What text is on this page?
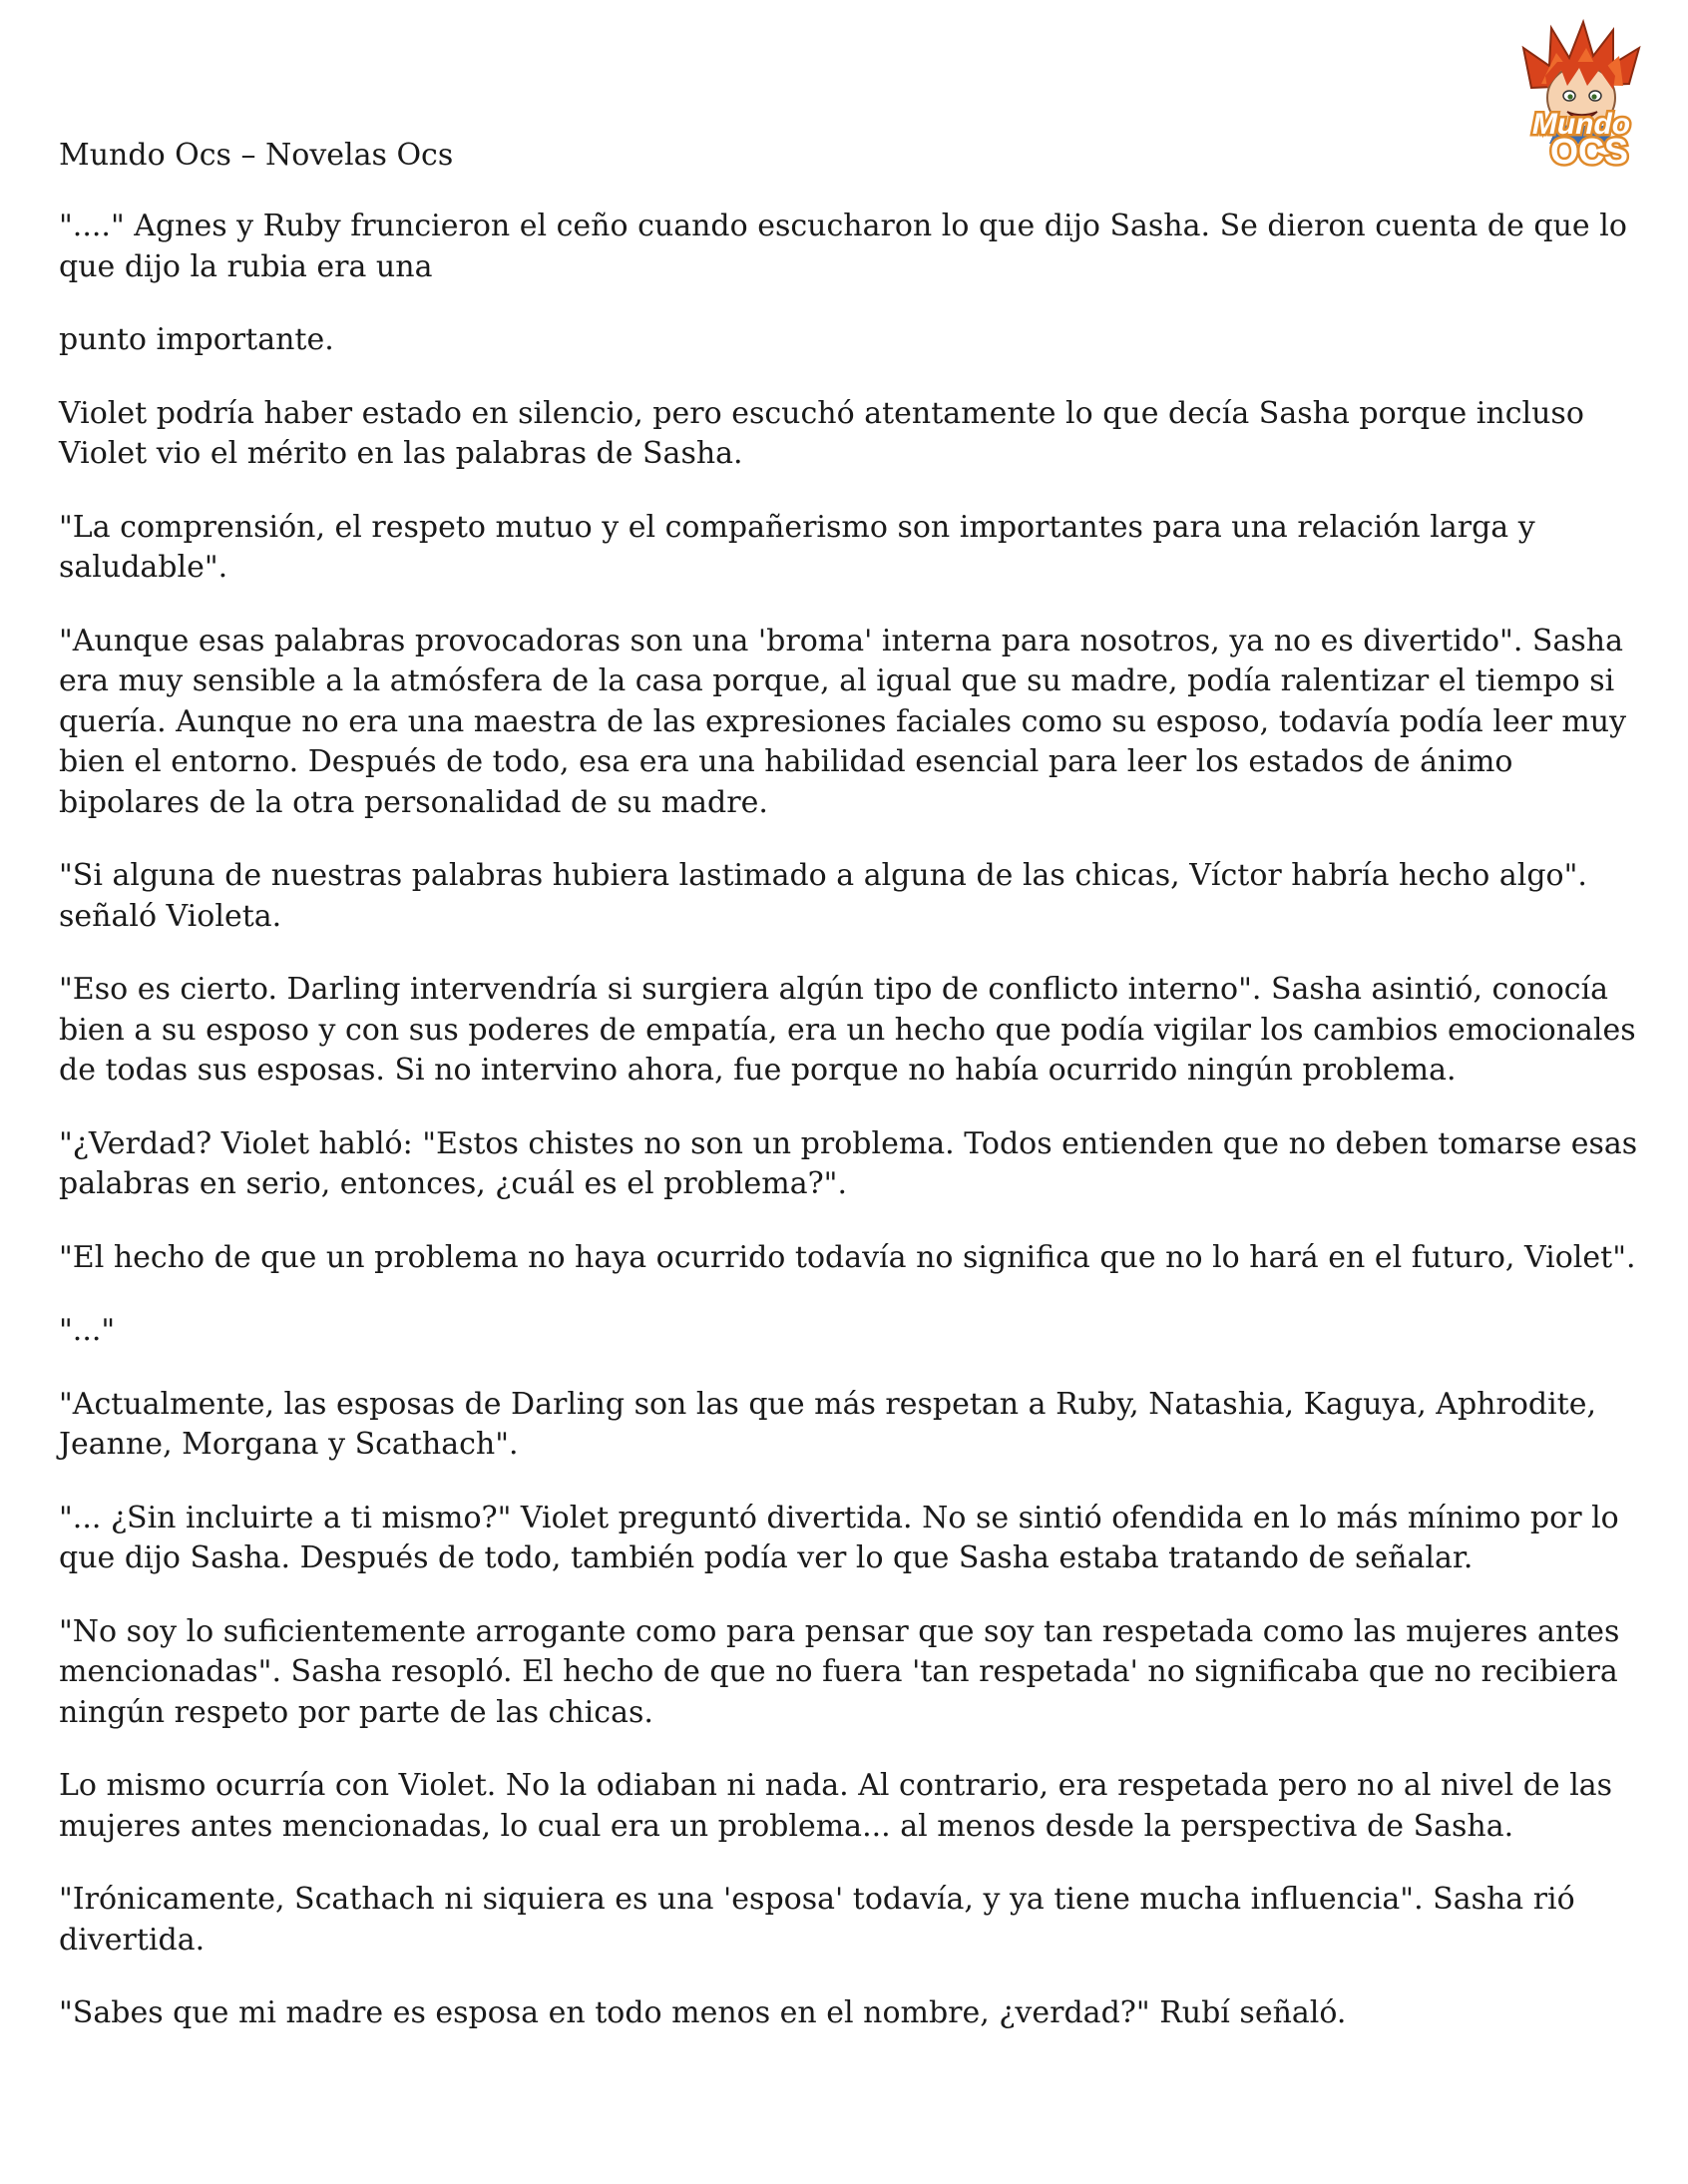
Mundo
OCS
Mundo Ocs – Novelas Ocs

"...." Agnes y Ruby fruncieron el ceño cuando escucharon lo que dijo Sasha. Se dieron cuenta de que lo que dijo la rubia era una

punto importante.

Violet podría haber estado en silencio, pero escuchó atentamente lo que decía Sasha porque incluso Violet vio el mérito en las palabras de Sasha.

"La comprensión, el respeto mutuo y el compañerismo son importantes para una relación larga y saludable".

"Aunque esas palabras provocadoras son una 'broma' interna para nosotros, ya no es divertido". Sasha era muy sensible a la atmósfera de la casa porque, al igual que su madre, podía ralentizar el tiempo si quería. Aunque no era una maestra de las expresiones faciales como su esposo, todavía podía leer muy bien el entorno. Después de todo, esa era una habilidad esencial para leer los estados de ánimo bipolares de la otra personalidad de su madre.

"Si alguna de nuestras palabras hubiera lastimado a alguna de las chicas, Víctor habría hecho algo". señaló Violeta.

"Eso es cierto. Darling intervendría si surgiera algún tipo de conflicto interno". Sasha asintió, conocía bien a su esposo y con sus poderes de empatía, era un hecho que podía vigilar los cambios emocionales de todas sus esposas. Si no intervino ahora, fue porque no había ocurrido ningún problema.

"¿Verdad? Violet habló: "Estos chistes no son un problema. Todos entienden que no deben tomarse esas palabras en serio, entonces, ¿cuál es el problema?".

"El hecho de que un problema no haya ocurrido todavía no significa que no lo hará en el futuro, Violet".

"..."

"Actualmente, las esposas de Darling son las que más respetan a Ruby, Natashia, Kaguya, Aphrodite, Jeanne, Morgana y Scathach".

"... ¿Sin incluirte a ti mismo?" Violet preguntó divertida. No se sintió ofendida en lo más mínimo por lo que dijo Sasha. Después de todo, también podía ver lo que Sasha estaba tratando de señalar.

"No soy lo suficientemente arrogante como para pensar que soy tan respetada como las mujeres antes mencionadas". Sasha resopló. El hecho de que no fuera 'tan respetada' no significaba que no recibiera ningún respeto por parte de las chicas.

Lo mismo ocurría con Violet. No la odiaban ni nada. Al contrario, era respetada pero no al nivel de las mujeres antes mencionadas, lo cual era un problema... al menos desde la perspectiva de Sasha.

"Irónicamente, Scathach ni siquiera es una 'esposa' todavía, y ya tiene mucha influencia". Sasha rió divertida.

"Sabes que mi madre es esposa en todo menos en el nombre, ¿verdad?" Rubí señaló.
